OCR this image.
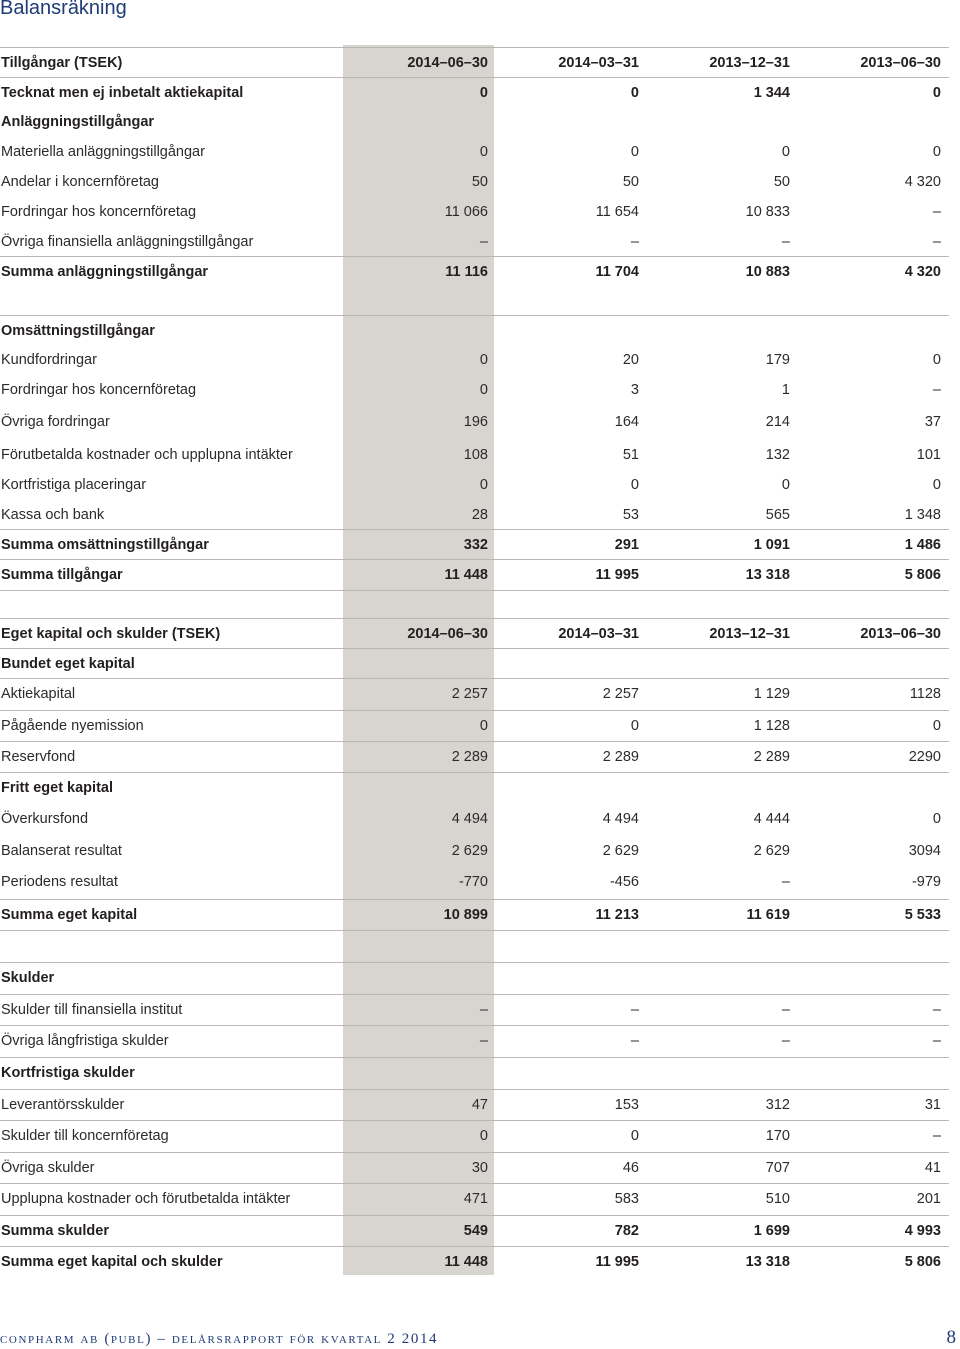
Balansräkning
Tillgångar (TSEK)	2014–06–30	2014–03–31	2013–12–31	2013–06–30
Tecknat men ej inbetalt aktiekapital	0	0	1 344	0
Anläggningstillgångar
Materiella anläggningstillgångar	0	0	0	0
Andelar i koncernföretag	50	50	50	4 320
Fordringar hos koncernföretag	11 066	11 654	10 833	–
Övriga finansiella anläggningstillgångar	–	–	–	–
Summa anläggningstillgångar	11 116	11 704	10 883	4 320
Omsättningstillgångar
Kundfordringar	0	20	179	0
Fordringar hos koncernföretag	0	3	1	–
Övriga fordringar	196	164	214	37
Förutbetalda kostnader och upplupna intäkter	108	51	132	101
Kortfristiga placeringar	0	0	0	0
Kassa och bank	28	53	565	1 348
Summa omsättningstillgångar	332	291	1 091	1 486
Summa tillgångar	11 448	11 995	13 318	5 806
Eget kapital och skulder (TSEK)	2014–06–30	2014–03–31	2013–12–31	2013–06–30
Bundet eget kapital
Aktiekapital	2 257	2 257	1 129	1128
Pågående nyemission	0	0	1 128	0
Reservfond	2 289	2 289	2 289	2290
Fritt eget kapital
Överkursfond	4 494	4 494	4 444	0
Balanserat resultat	2 629	2 629	2 629	3094
Periodens resultat	-770	-456	–	-979
Summa eget kapital	10 899	11 213	11 619	5 533
Skulder
Skulder till finansiella institut	–	–	–	–
Övriga långfristiga skulder	–	–	–	–
Kortfristiga skulder
Leverantörsskulder	47	153	312	31
Skulder till koncernföretag	0	0	170	–
Övriga skulder	30	46	707	41
Upplupna kostnader och förutbetalda intäkter	471	583	510	201
Summa skulder	549	782	1 699	4 993
Summa eget kapital och skulder	11 448	11 995	13 318	5 806

conpharm ab (publ) – delårsrapport för kvartal 2 2014	8
